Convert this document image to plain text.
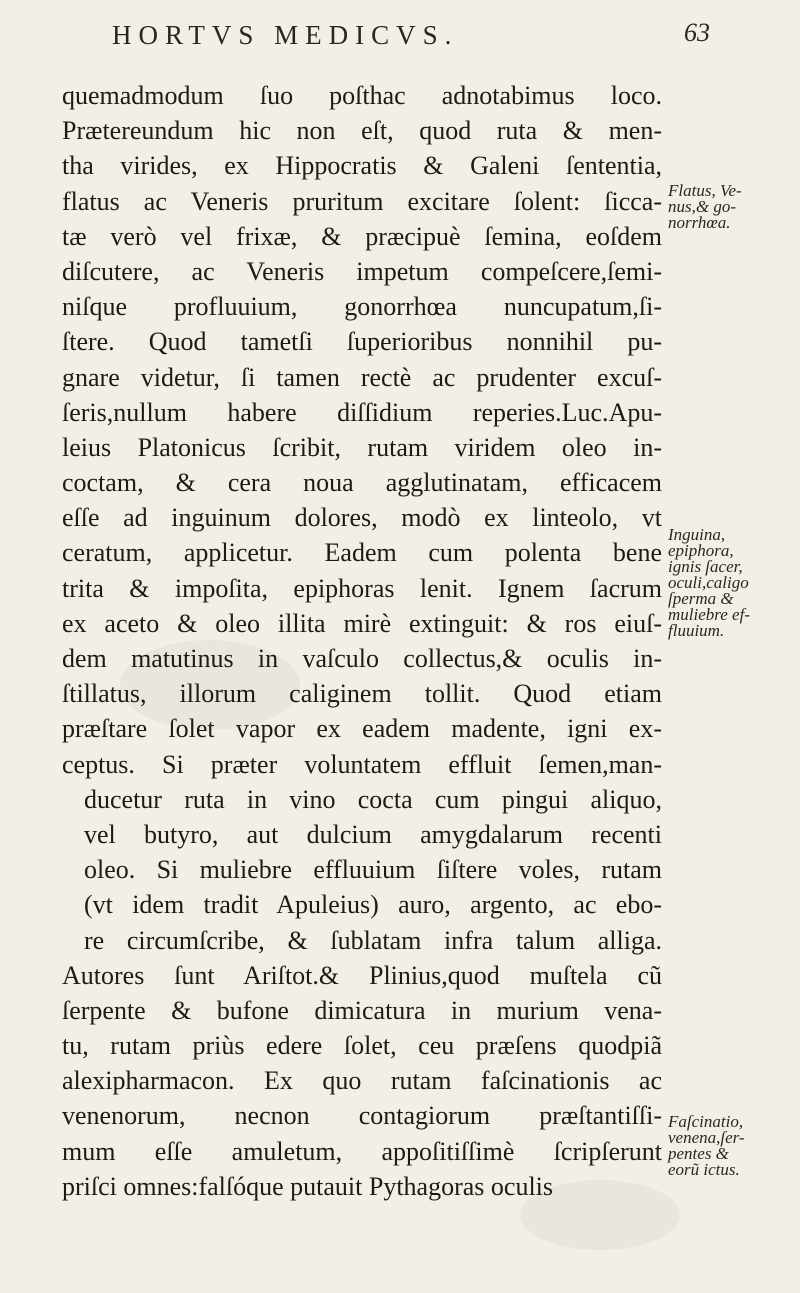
HORTVS MEDICVS.	63
quemadmodum ſuo poſthac adnotabimus loco.
Prætereundum hic non eſt, quod ruta & men-
tha virides, ex Hippocratis & Galeni ſententia,
flatus ac Veneris pruritum excitare ſolent: ſicca-
tæ verò vel frixæ, & præcipuè ſemina, eoſdem
diſcutere, ac Veneris impetum compeſcere,ſemi-
niſque profluuium, gonorrhœa nuncupatum,ſi-
ſtere. Quod tametſi ſuperioribus nonnihil pu-
gnare videtur, ſi tamen rectè ac prudenter excuſ-
ſeris,nullum habere diſſidium reperies.Luc.Apu-
leius Platonicus ſcribit, rutam viridem oleo in-
coctam, & cera noua agglutinatam, efficacem
eſſe ad inguinum dolores, modò ex linteolo, vt
ceratum, applicetur. Eadem cum polenta bene
trita & impoſita, epiphoras lenit. Ignem ſacrum
ex aceto & oleo illita mirè extinguit: & ros eiuſ-
dem matutinus in vaſculo collectus,& oculis in-
ſtillatus, illorum caliginem tollit. Quod etiam
præſtare ſolet vapor ex eadem madente, igni ex-
ceptus. Si præter voluntatem effluit ſemen,man-
ducetur ruta in vino cocta cum pingui aliquo,
vel butyro, aut dulcium amygdalarum recenti
oleo. Si muliebre effluuium ſiſtere voles, rutam
(vt idem tradit Apuleius) auro, argento, ac ebo-
re circumſcribe, & ſublatam infra talum alliga.
Autores ſunt Ariſtot.& Plinius,quod muſtela cũ
ſerpente & bufone dimicatura in murium vena-
tu, rutam priùs edere ſolet, ceu præſens quodpiã
alexipharmacon. Ex quo rutam faſcinationis ac
venenorum, necnon contagiorum præſtantiſſi-
mum eſſe amuletum, appoſitiſſimè ſcripſerunt
priſci omnes:falſóque putauit Pythagoras oculis
Flatus, Ve-
nus,& go-
norrhœa.
Inguina,
epiphora,
ignis ſacer,
oculi,caligo
ſperma &
muliebre ef-
fluuium.
Faſcinatio,
venena,ſer-
pentes &
eorũ ictus.
